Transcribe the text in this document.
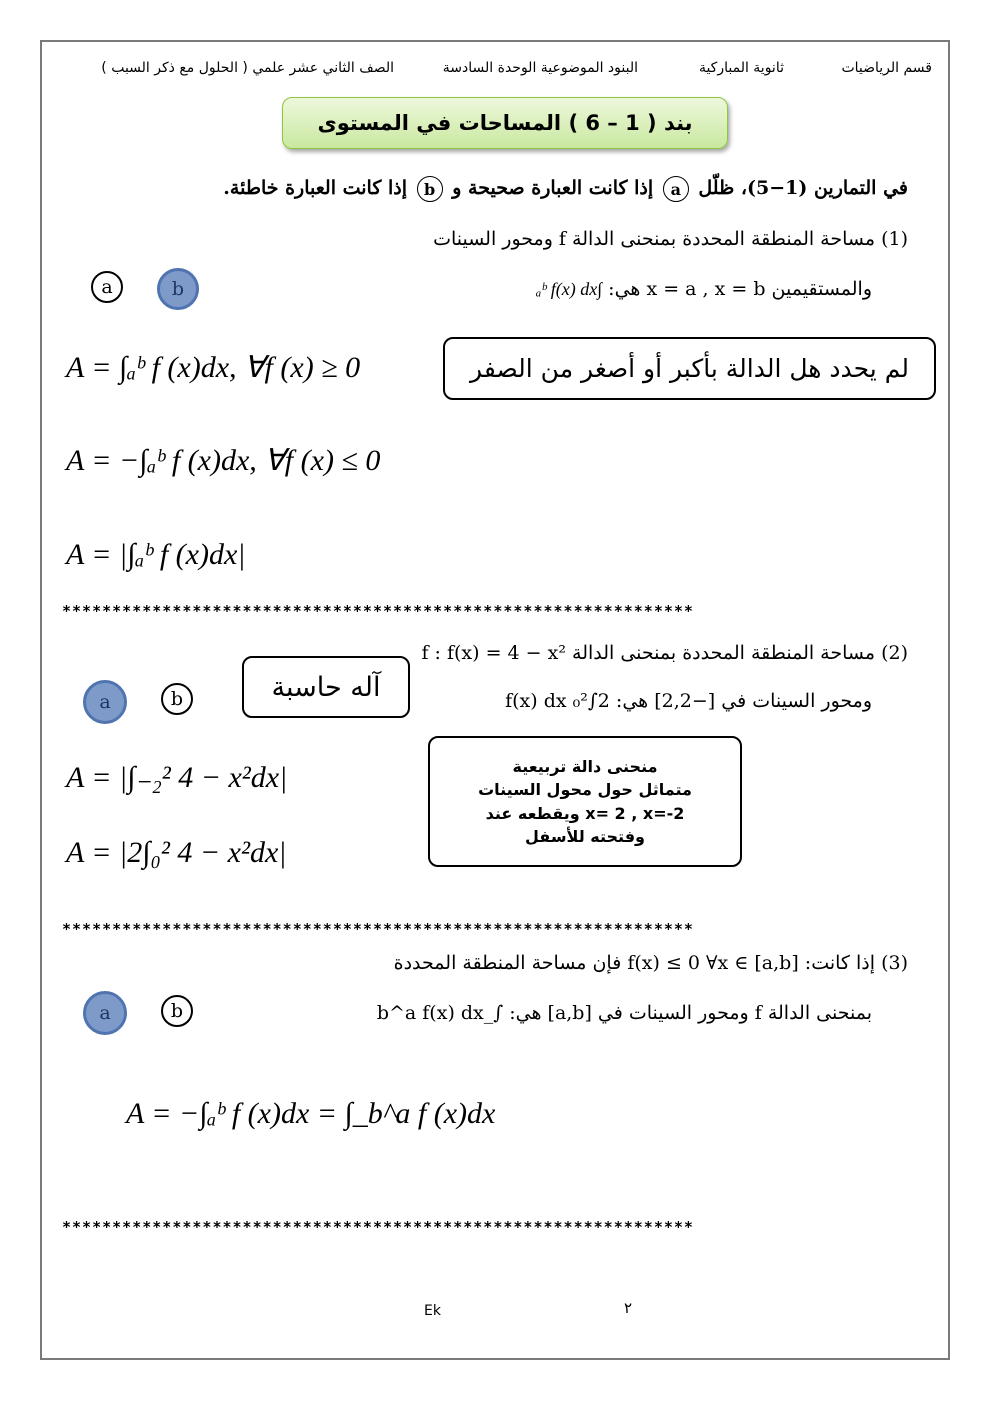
قسم الرياضيات
ثانوية المباركية
البنود الموضوعية الوحدة السادسة
الصف الثاني عشر علمي ( الحلول مع ذكر السبب )
بند ( 1 – 6 ) المساحات في المستوى
في التمارين (1−5)، ظلّل a إذا كانت العبارة صحيحة و b إذا كانت العبارة خاطئة.
(1) مساحة المنطقة المحددة بمنحنى الدالة f ومحور السينات
والمستقيمين x = a , x = b هي: ∫ₐᵇ f(x) dx
a	b
لم يحدد هل الدالة بأكبر أو أصغر من الصفر
A = ∫ₐᵇ f (x)dx, ∀f (x) ≥ 0
A = −∫ₐᵇ f (x)dx, ∀f (x) ≤ 0
A = |∫ₐᵇ f (x)dx|
***************************************************************
(2) مساحة المنطقة المحددة بمنحنى الدالة f : f(x) = 4 − x²
ومحور السينات في [−2,2] هي: 2∫₀² f(x) dx
a	b	آله حاسبة
منحنى دالة تربيعية
متماثل حول محول السينات
ويقطعه عند x= 2 , x=-2
وفتحته للأسفل
A = |∫₋₂² 4 − x²dx|
A = |2∫₀² 4 − x²dx|
***************************************************************
(3) إذا كانت: f(x) ≤ 0 ∀x ∈ [a,b] فإن مساحة المنطقة المحددة
بمنحنى الدالة f ومحور السينات في [a,b] هي: ∫_b^a f(x) dx
a	b
A = −∫ₐᵇ f (x)dx = ∫_b^a f (x)dx
***************************************************************
Ek	٢
